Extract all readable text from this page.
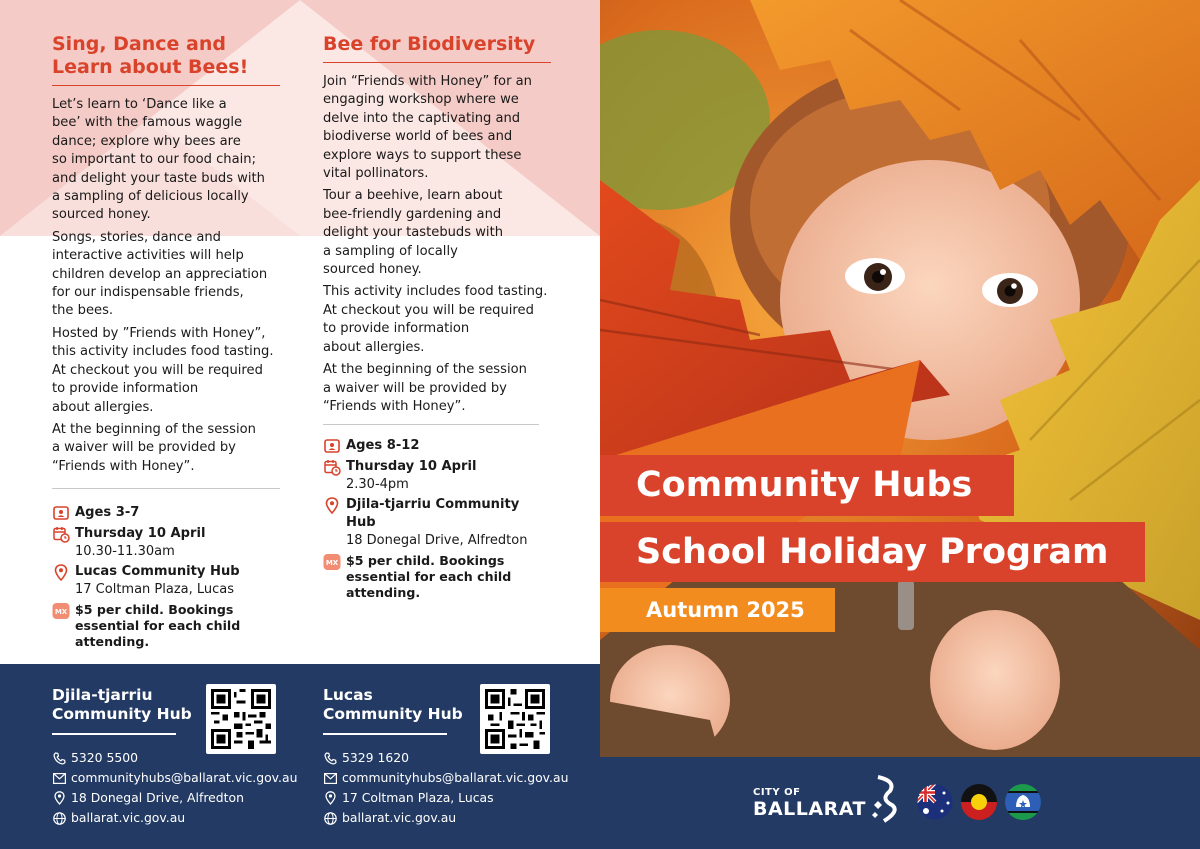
Sing, Dance and Learn about Bees!

Let’s learn to ‘Dance like a
bee’ with the famous waggle
dance; explore why bees are
so important to our food chain;
and delight your taste buds with
a sampling of delicious locally
sourced honey.

Songs, stories, dance and
interactive activities will help
children develop an appreciation
for our indispensable friends,
the bees.

Hosted by ”Friends with Honey”,
this activity includes food tasting.
At checkout you will be required
to provide information
about allergies.

At the beginning of the session
a waiver will be provided by
“Friends with Honey”.

Ages 3-7
Thursday 10 April
10.30-11.30am
Lucas Community Hub
17 Coltman Plaza, Lucas
MX $5 per child. Bookings essential for each child attending.
Bee for Biodiversity

Join “Friends with Honey” for an
engaging workshop where we
delve into the captivating and
biodiverse world of bees and
explore ways to support these
vital pollinators.

Tour a beehive, learn about
bee-friendly gardening and
delight your tastebuds with
a sampling of locally
sourced honey.

This activity includes food tasting.
At checkout you will be required
to provide information
about allergies.

At the beginning of the session
a waiver will be provided by
“Friends with Honey”.

Ages 8-12
Thursday 10 April
2.30-4pm
Djila-tjarriu Community Hub
18 Donegal Drive, Alfredton
MX $5 per child. Bookings essential for each child attending.
Djila-tjarriu
Community Hub
5320 5500
communityhubs@ballarat.vic.gov.au
18 Donegal Drive, Alfredton
ballarat.vic.gov.au
Lucas
Community Hub
5329 1620
communityhubs@ballarat.vic.gov.au
17 Coltman Plaza, Lucas
ballarat.vic.gov.au
Community Hubs
School Holiday Program
Autumn 2025
CITY OF
BALLARAT
